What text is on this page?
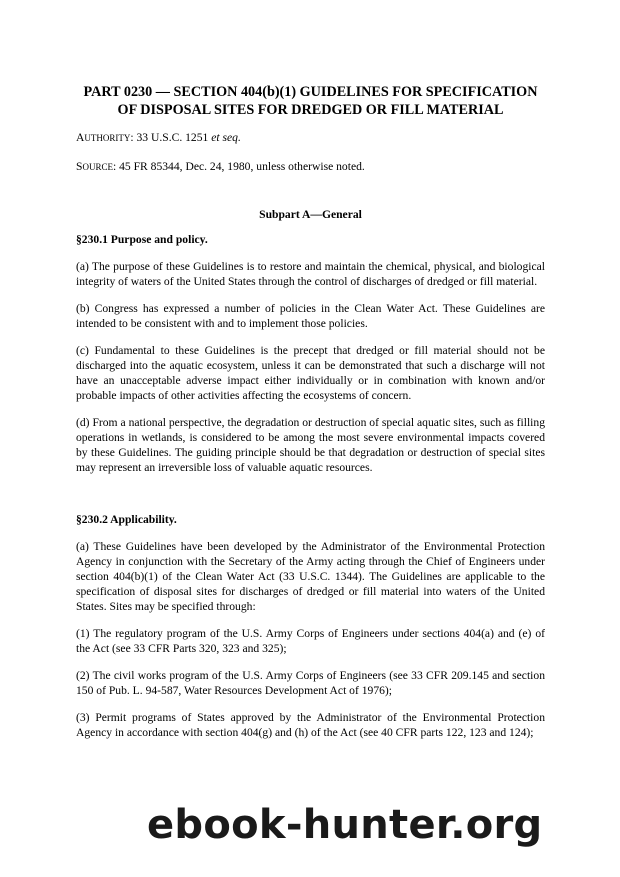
PART 0230 — SECTION 404(b)(1) GUIDELINES FOR SPECIFICATION OF DISPOSAL SITES FOR DREDGED OR FILL MATERIAL

AUTHORITY: 33 U.S.C. 1251 et seq.

SOURCE: 45 FR 85344, Dec. 24, 1980, unless otherwise noted.

Subpart A—General

§230.1 Purpose and policy.

(a) The purpose of these Guidelines is to restore and maintain the chemical, physical, and biological integrity of waters of the United States through the control of discharges of dredged or fill material.

(b) Congress has expressed a number of policies in the Clean Water Act. These Guidelines are intended to be consistent with and to implement those policies.

(c) Fundamental to these Guidelines is the precept that dredged or fill material should not be discharged into the aquatic ecosystem, unless it can be demonstrated that such a discharge will not have an unacceptable adverse impact either individually or in combination with known and/or probable impacts of other activities affecting the ecosystems of concern.

(d) From a national perspective, the degradation or destruction of special aquatic sites, such as filling operations in wetlands, is considered to be among the most severe environmental impacts covered by these Guidelines. The guiding principle should be that degradation or destruction of special sites may represent an irreversible loss of valuable aquatic resources.

§230.2 Applicability.

(a) These Guidelines have been developed by the Administrator of the Environmental Protection Agency in conjunction with the Secretary of the Army acting through the Chief of Engineers under section 404(b)(1) of the Clean Water Act (33 U.S.C. 1344). The Guidelines are applicable to the specification of disposal sites for discharges of dredged or fill material into waters of the United States. Sites may be specified through:

(1) The regulatory program of the U.S. Army Corps of Engineers under sections 404(a) and (e) of the Act (see 33 CFR Parts 320, 323 and 325);

(2) The civil works program of the U.S. Army Corps of Engineers (see 33 CFR 209.145 and section 150 of Pub. L. 94-587, Water Resources Development Act of 1976);

(3) Permit programs of States approved by the Administrator of the Environmental Protection Agency in accordance with section 404(g) and (h) of the Act (see 40 CFR parts 122, 123 and 124);

ebook-hunter.org
